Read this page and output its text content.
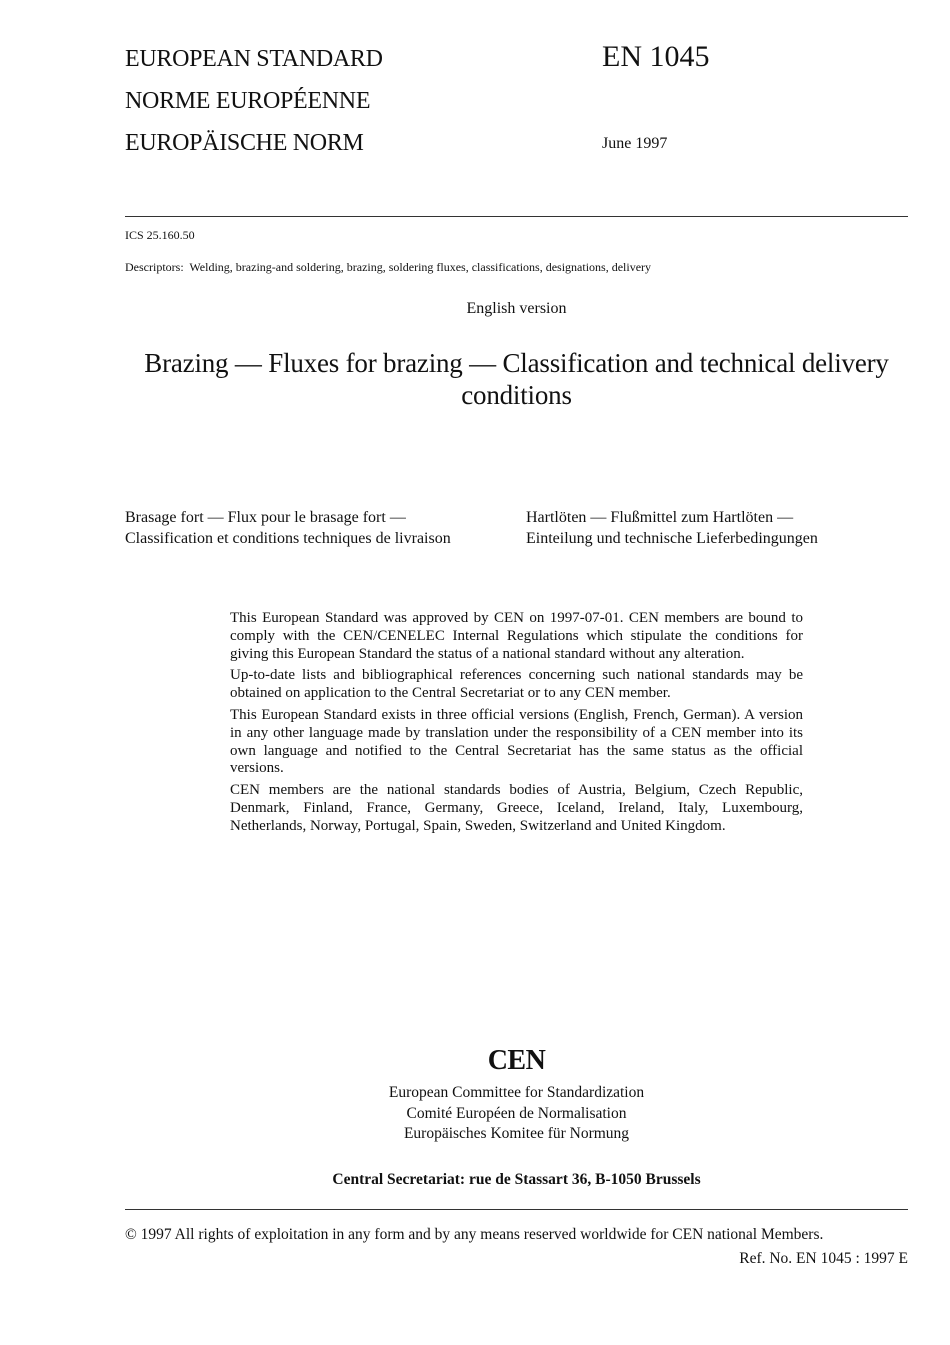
EUROPEAN STANDARD
NORME EUROPÉENNE
EUROPÄISCHE NORM
EN 1045
June 1997
ICS 25.160.50
Descriptors:  Welding, brazing-and soldering, brazing, soldering fluxes, classifications, designations, delivery
English version
Brazing — Fluxes for brazing — Classification and technical delivery conditions
Brasage fort — Flux pour le brasage fort —
Classification et conditions techniques de livraison
Hartlöten — Flußmittel zum Hartlöten —
Einteilung und technische Lieferbedingungen

This European Standard was approved by CEN on 1997-07-01. CEN members are bound to comply with the CEN/CENELEC Internal Regulations which stipulate the conditions for giving this European Standard the status of a national standard without any alteration.

Up-to-date lists and bibliographical references concerning such national standards may be obtained on application to the Central Secretariat or to any CEN member.

This European Standard exists in three official versions (English, French, German). A version in any other language made by translation under the responsibility of a CEN member into its own language and notified to the Central Secretariat has the same status as the official versions.

CEN members are the national standards bodies of Austria, Belgium, Czech Republic, Denmark, Finland, France, Germany, Greece, Iceland, Ireland, Italy, Luxembourg, Netherlands, Norway, Portugal, Spain, Sweden, Switzerland and United Kingdom.

CEN
European Committee for Standardization
Comité Européen de Normalisation
Europäisches Komitee für Normung
Central Secretariat: rue de Stassart 36, B-1050 Brussels
© 1997 All rights of exploitation in any form and by any means reserved worldwide for CEN national Members.
Ref. No. EN 1045 : 1997 E
